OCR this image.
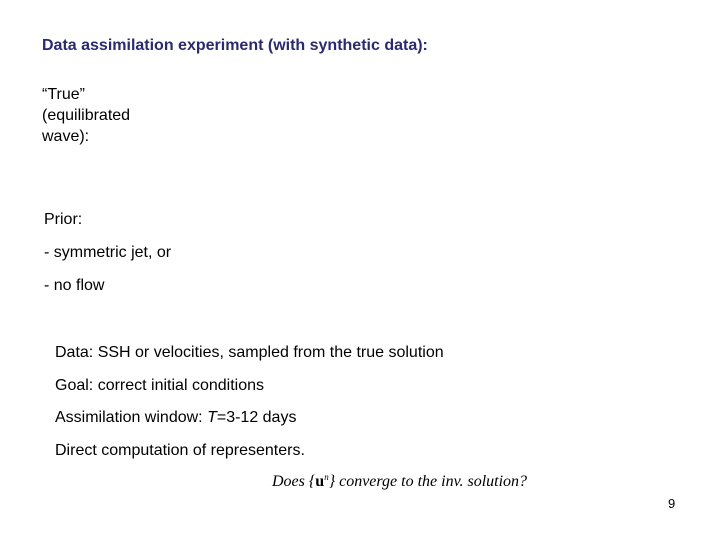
Data assimilation experiment (with synthetic data):
“True”
(equilibrated
wave):
Prior:
- symmetric jet, or
- no flow
Data: SSH or velocities, sampled from the true solution
Goal: correct initial conditions
Assimilation window: T=3-12 days
Direct computation of representers.
Does $\{u^n\}$ converge to the inv. solution?
9
